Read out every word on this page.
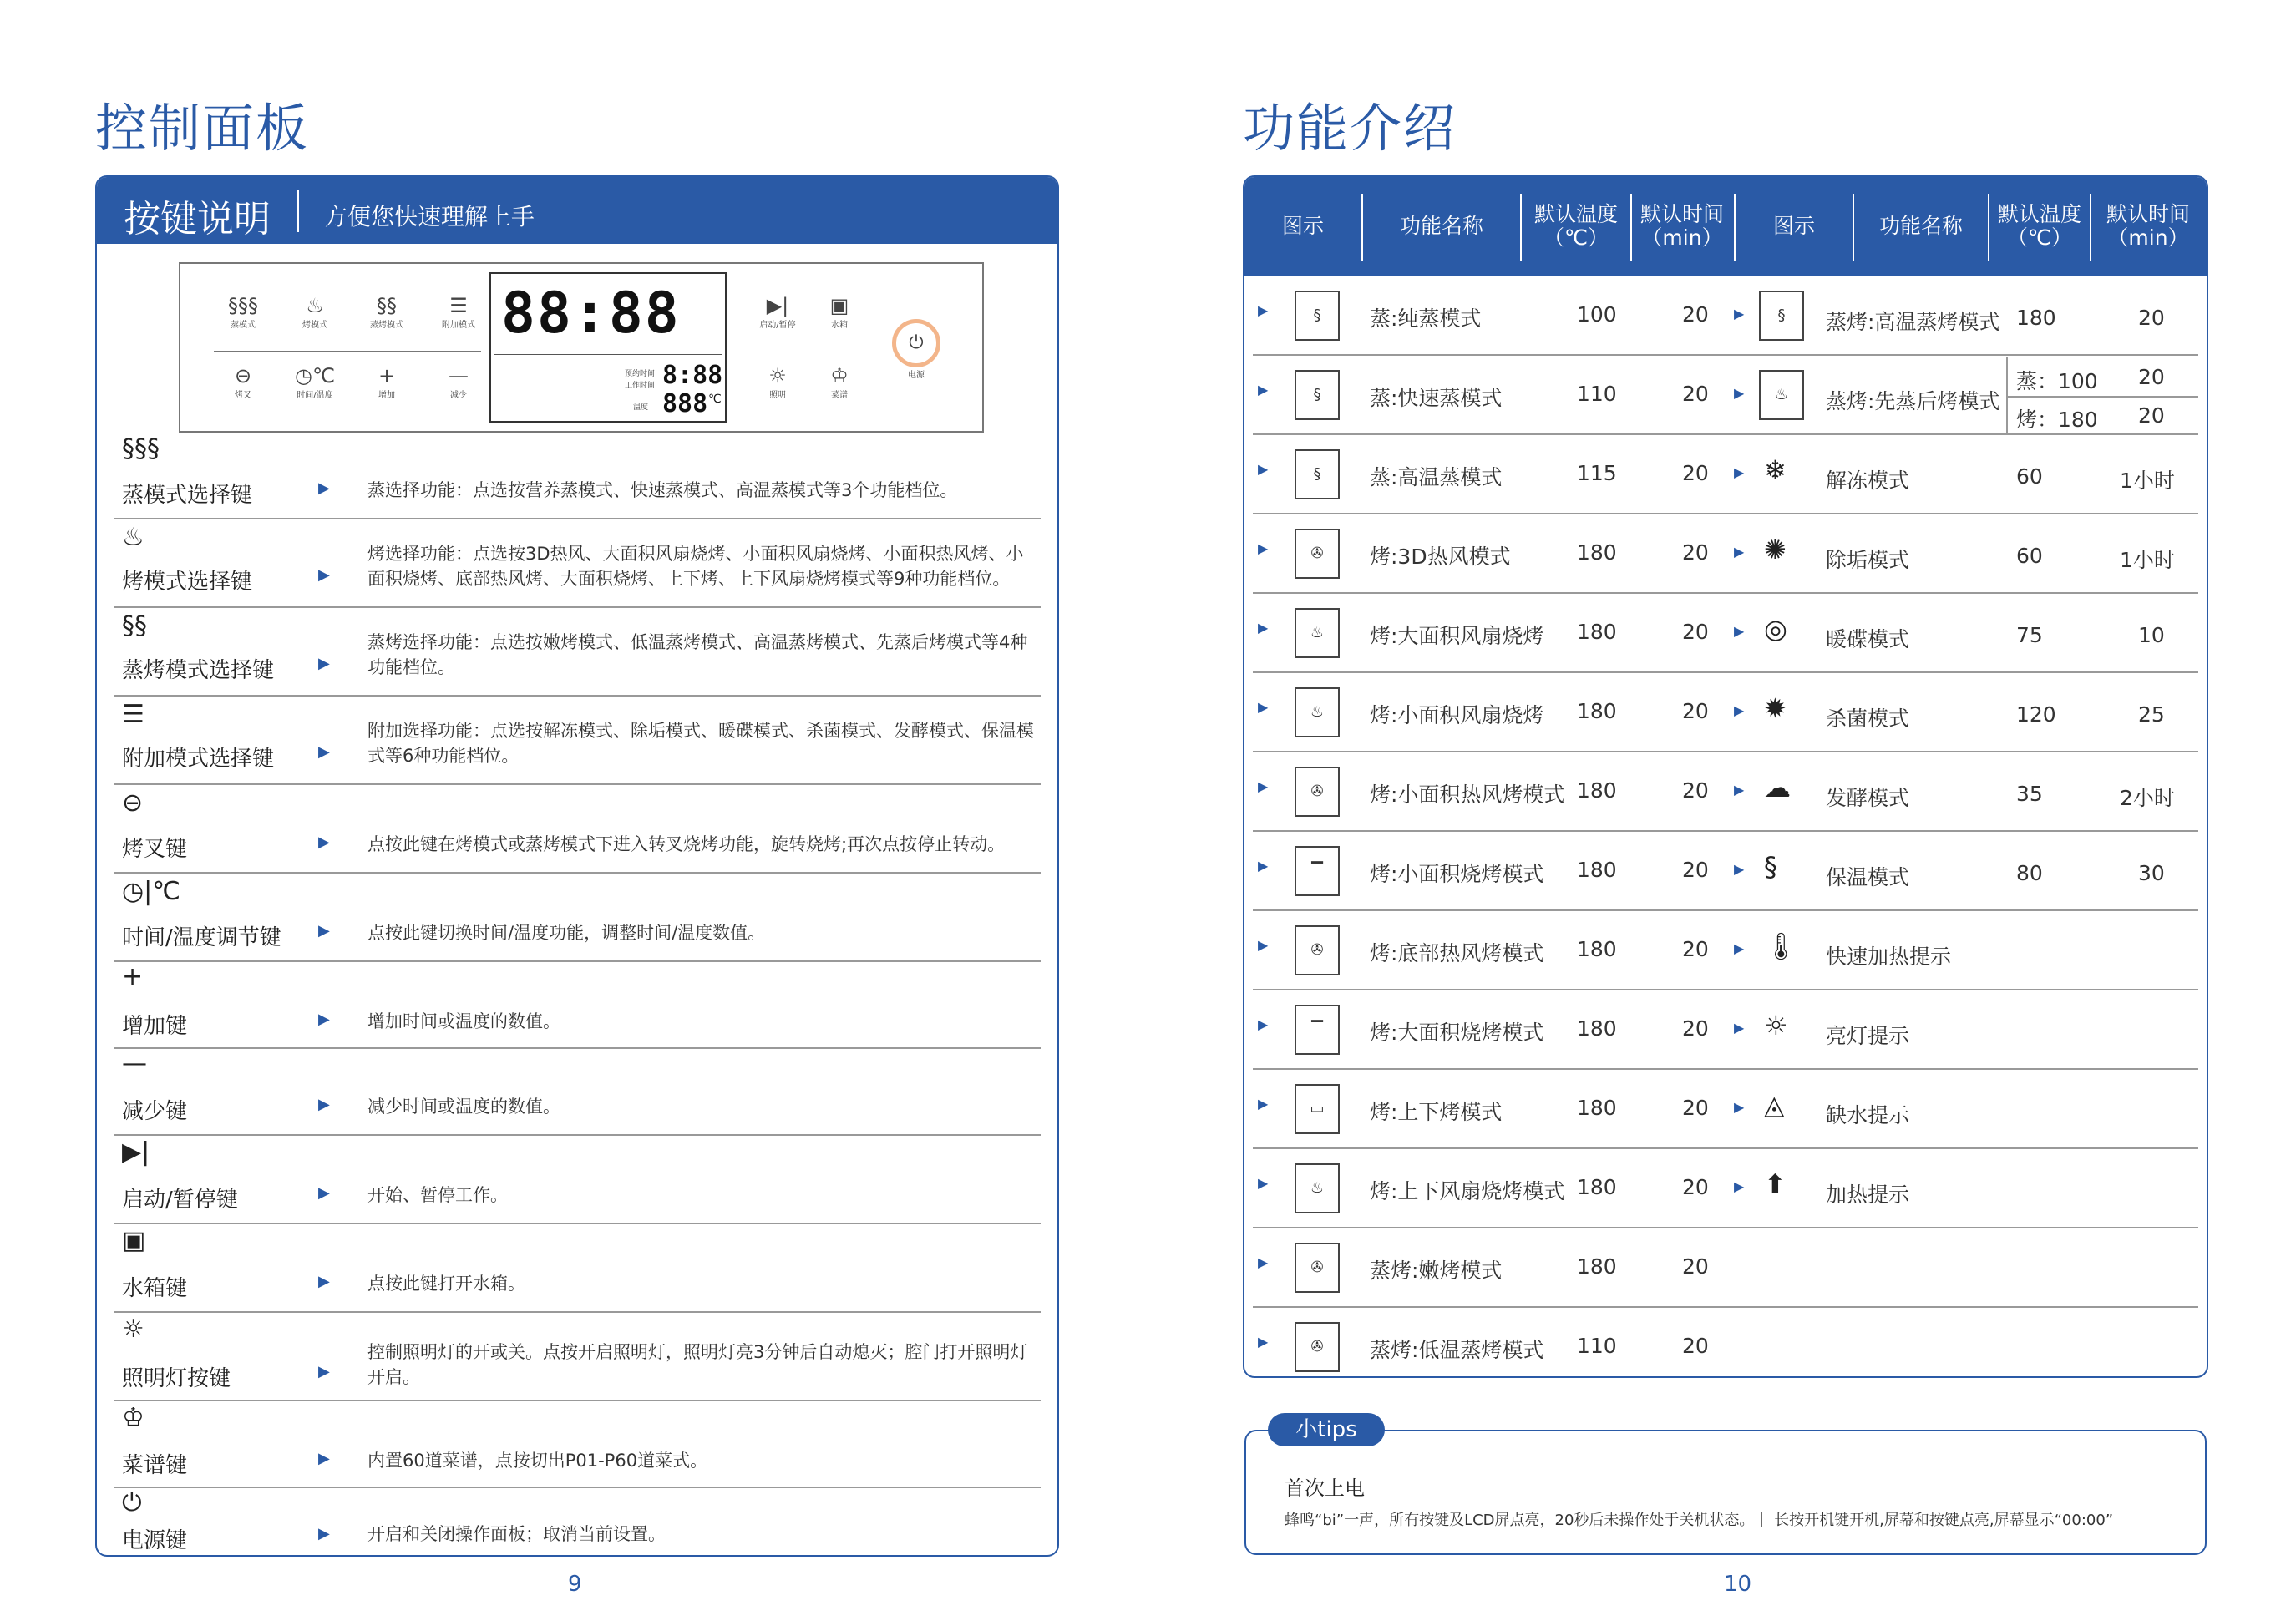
控制面板
按键说明 方便您快速理解上手
§§§
蒸模式
♨
烤模式
§§
蒸烤模式
☰
附加模式
⊖
烤叉
◷℃
时间/温度
+
增加
—
减少
88:88
预约时间
工作时间 8:88
温度 888 ℃
▶|
启动/暂停
▣
水箱
☼
照明
♔
菜谱
⏻
电源
§§§
蒸模式选择键	▶ 蒸选择功能：点选按营养蒸模式、快速蒸模式、高温蒸模式等3个功能档位。
♨
烤模式选择键	▶
烤选择功能：点选按3D热风、大面积风扇烧烤、小面积风扇烧烤、小面积热风烤、小面积烧烤、底部热风烤、大面积烧烤、上下烤、上下风扇烧烤模式等9种功能档位。
§§
蒸烤模式选择键	▶
蒸烤选择功能：点选按嫩烤模式、低温蒸烤模式、高温蒸烤模式、先蒸后烤模式等4种功能档位。
☰
附加模式选择键	▶
附加选择功能：点选按解冻模式、除垢模式、暖碟模式、杀菌模式、发酵模式、保温模式等6种功能档位。
⊖
烤叉键	▶ 点按此键在烤模式或蒸烤模式下进入转叉烧烤功能，旋转烧烤;再次点按停止转动。
◷|℃
时间/温度调节键 ▶ 点按此键切换时间/温度功能，调整时间/温度数值。
+
增加键	▶ 增加时间或温度的数值。
—
减少键	▶ 减少时间或温度的数值。
▶|
启动/暂停键	▶ 开始、暂停工作。
▣
水箱键	▶ 点按此键打开水箱。
☼
照明灯按键	▶
控制照明灯的开或关。点按开启照明灯，照明灯亮3分钟后自动熄灭；腔门打开照明灯开启。
♔
菜谱键	▶ 内置60道菜谱，点按切出P01-P60道菜式。
⏻
电源键	▶ 开启和关闭操作面板；取消当前设置。
9
功能介绍
图示	功能名称 默认温度
（℃）
默认时间
（min） 图示	功能名称 默认温度
（℃）
默认时间
（min）
▶	§	蒸:纯蒸模式	100	20
▶	§	蒸:快速蒸模式	110	20
▶	§	蒸:高温蒸模式	115	20
▶	✇	烤:3D热风模式	180	20
▶	♨	烤:大面积风扇烧烤 180	20
▶	♨	烤:小面积风扇烧烤 180	20
▶	✇	烤:小面积热风烤模式 180	20
▶	▔	烤:小面积烧烤模式 180	20
▶	✇	烤:底部热风烤模式 180	20
▶	▔	烤:大面积烧烤模式 180	20
▶	▭	烤:上下烤模式	180	20
▶	♨	烤:上下风扇烧烤模式 180	20
▶	✇	蒸烤:嫩烤模式	180	20
▶	✇	蒸烤:低温蒸烤模式 110	20
▶	§	蒸烤:高温蒸烤模式 180	20
▶	♨	蒸烤:先蒸后烤模式
蒸：100 20
烤：180 20
▶ ❄ 解冻模式	60	1小时
▶ ✺ 除垢模式	60	1小时
▶ ◎ 暖碟模式	75	10
▶ ✹ 杀菌模式	120	25
▶ ☁ 发酵模式	35	2小时
▶ § 保温模式	80	30
▶ 🌡 快速加热提示
▶ ☼ 亮灯提示
▶ ◬ 缺水提示
▶ ⬆ 加热提示
首次上电
蜂鸣“bi”一声，所有按键及LCD屏点亮，20秒后未操作处于关机状态。｜ 长按开机键开机,屏幕和按键点亮,屏幕显示“00:00”
小tips
10
